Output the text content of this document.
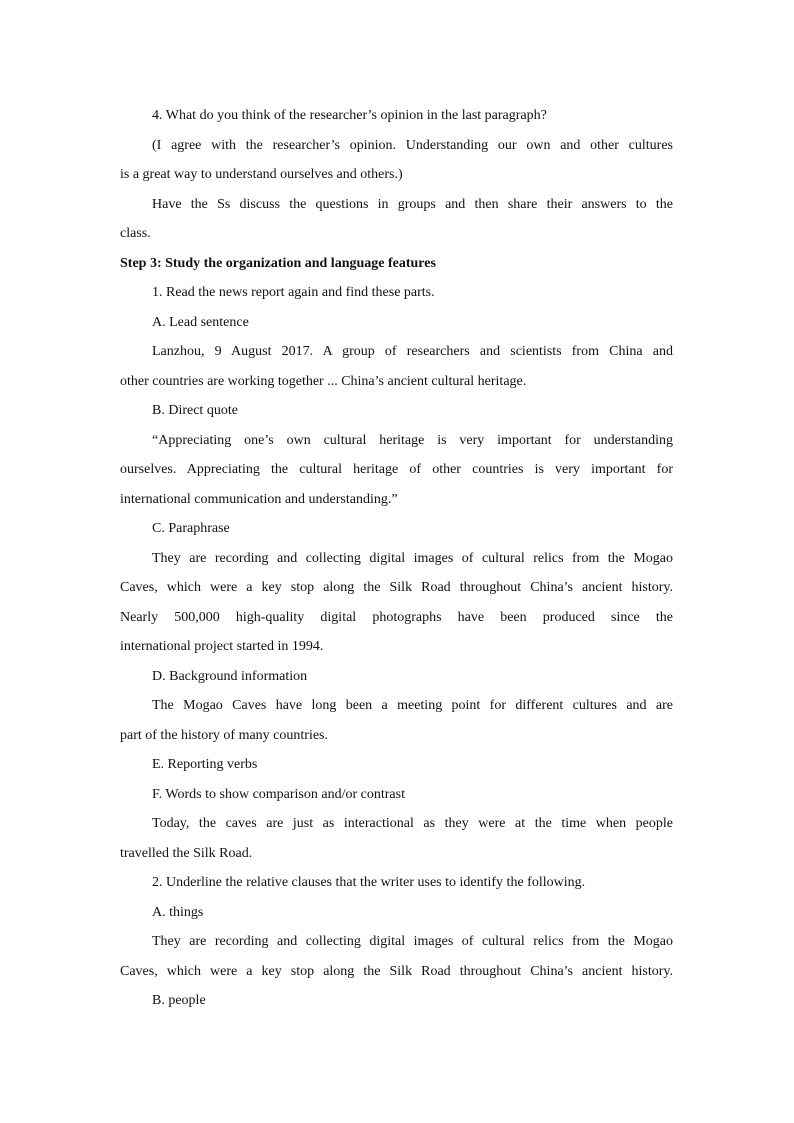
4. What do you think of the researcher’s opinion in the last paragraph?
(I agree with the researcher’s opinion. Understanding our own and other cultures
is a great way to understand ourselves and others.)
Have the Ss discuss the questions in groups and then share their answers to the
class.
Step 3: Study the organization and language features
1. Read the news report again and find these parts.
A. Lead sentence
Lanzhou, 9 August 2017. A group of researchers and scientists from China and
other countries are working together ... China’s ancient cultural heritage.
B. Direct quote
“Appreciating one’s own cultural heritage is very important for understanding
ourselves. Appreciating the cultural heritage of other countries is very important for
international communication and understanding.”
C. Paraphrase
They are recording and collecting digital images of cultural relics from the Mogao
Caves, which were a key stop along the Silk Road throughout China’s ancient history.
Nearly 500,000 high-quality digital photographs have been produced since the
international project started in 1994.
D. Background information
The Mogao Caves have long been a meeting point for different cultures and are
part of the history of many countries.
E. Reporting verbs
F. Words to show comparison and/or contrast
Today, the caves are just as interactional as they were at the time when people
travelled the Silk Road.
2. Underline the relative clauses that the writer uses to identify the following.
A. things
They are recording and collecting digital images of cultural relics from the Mogao
Caves, which were a key stop along the Silk Road throughout China’s ancient history.
B. people
